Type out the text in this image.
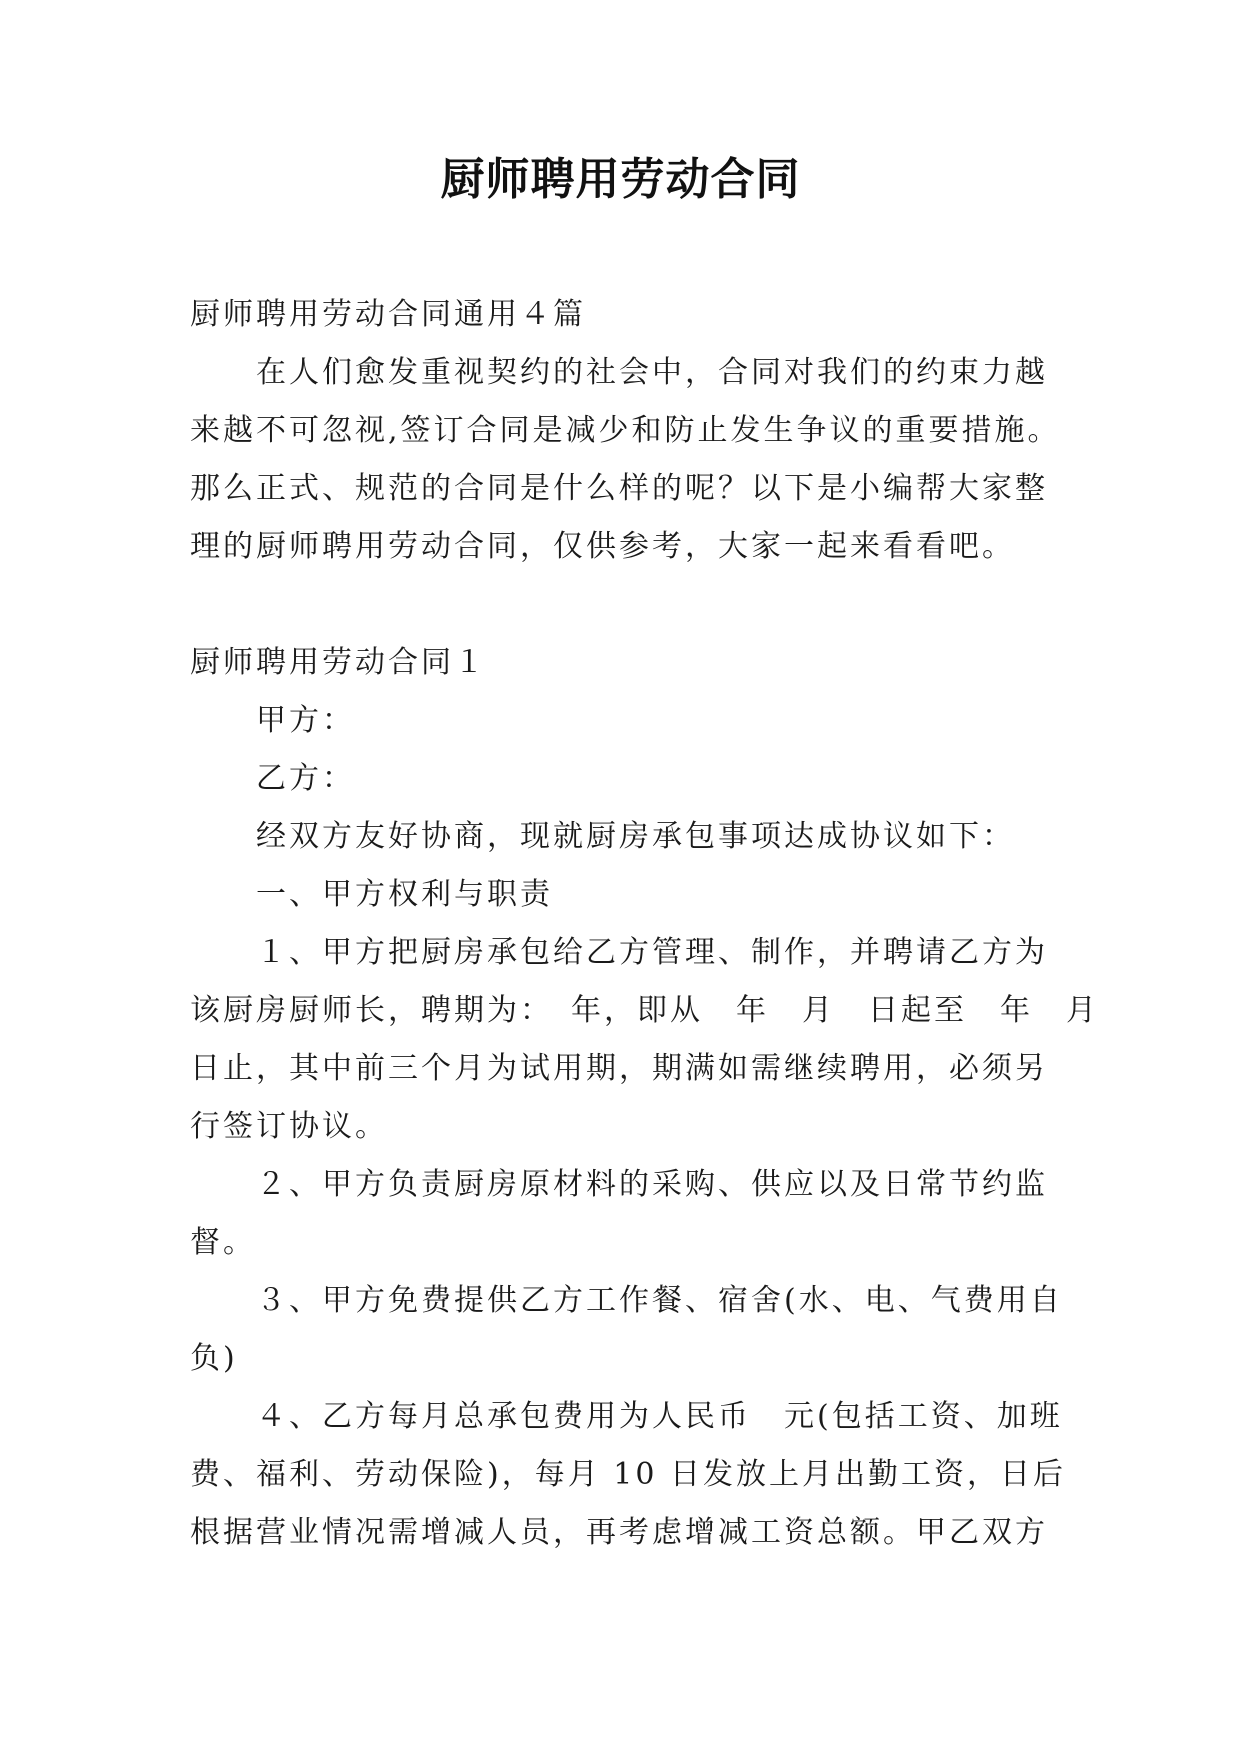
厨师聘用劳动合同

厨师聘用劳动合同通用４篇

在人们愈发重视契约的社会中，合同对我们的约束力越

来越不可忽视,签订合同是减少和防止发生争议的重要措施。

那么正式、规范的合同是什么样的呢？以下是小编帮大家整

理的厨师聘用劳动合同，仅供参考，大家一起来看看吧。

厨师聘用劳动合同１

甲方：

乙方：

经双方友好协商，现就厨房承包事项达成协议如下：

一、甲方权利与职责

１、甲方把厨房承包给乙方管理、制作，并聘请乙方为

该厨房厨师长，聘期为：　年，即从　年　月　日起至　年　月

日止，其中前三个月为试用期，期满如需继续聘用，必须另

行签订协议。

２、甲方负责厨房原材料的采购、供应以及日常节约监

督。

３、甲方免费提供乙方工作餐、宿舍(水、电、气费用自

负)

４、乙方每月总承包费用为人民币　元(包括工资、加班

费、福利、劳动保险)，每月 10 日发放上月出勤工资，日后

根据营业情况需增减人员，再考虑增减工资总额。甲乙双方
